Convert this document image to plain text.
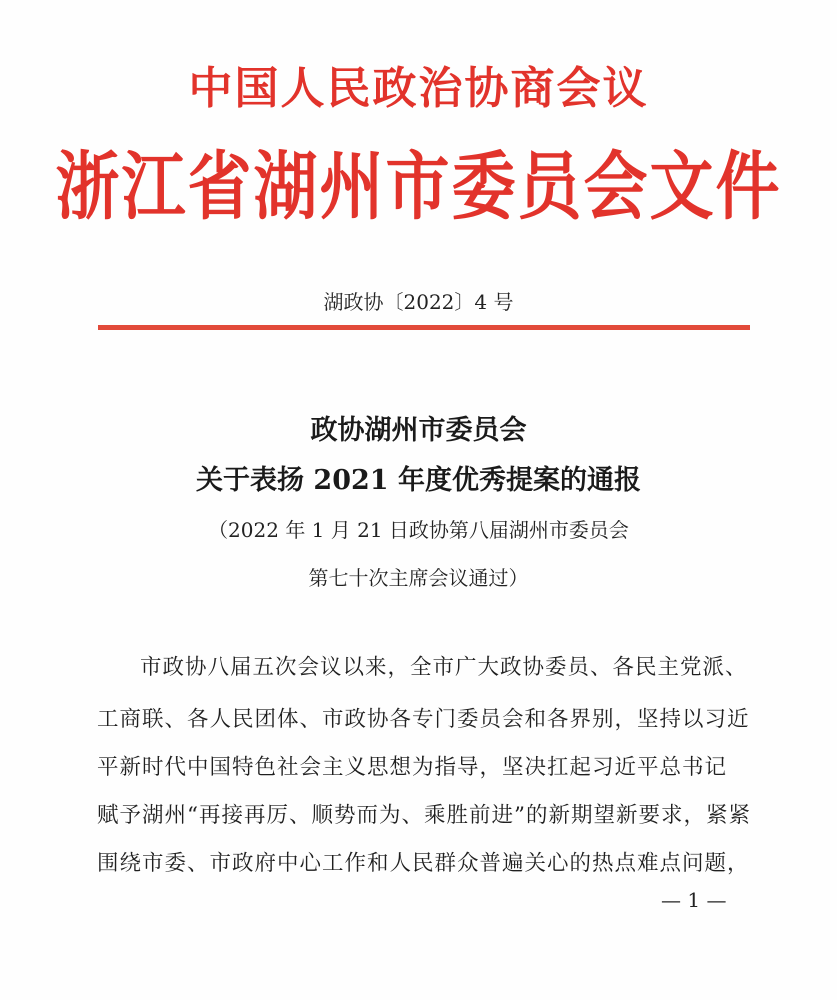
中国人民政治协商会议
浙江省湖州市委员会文件
湖政协〔2022〕4 号
政协湖州市委员会
关于表扬 2021 年度优秀提案的通报
（2022 年 1 月 21 日政协第八届湖州市委员会
第七十次主席会议通过）
市政协八届五次会议以来，全市广大政协委员、各民主党派、
工商联、各人民团体、市政协各专门委员会和各界别，坚持以习近
平新时代中国特色社会主义思想为指导，坚决扛起习近平总书记
赋予湖州“再接再厉、顺势而为、乘胜前进”的新期望新要求，紧紧
围绕市委、市政府中心工作和人民群众普遍关心的热点难点问题，
— 1 —
